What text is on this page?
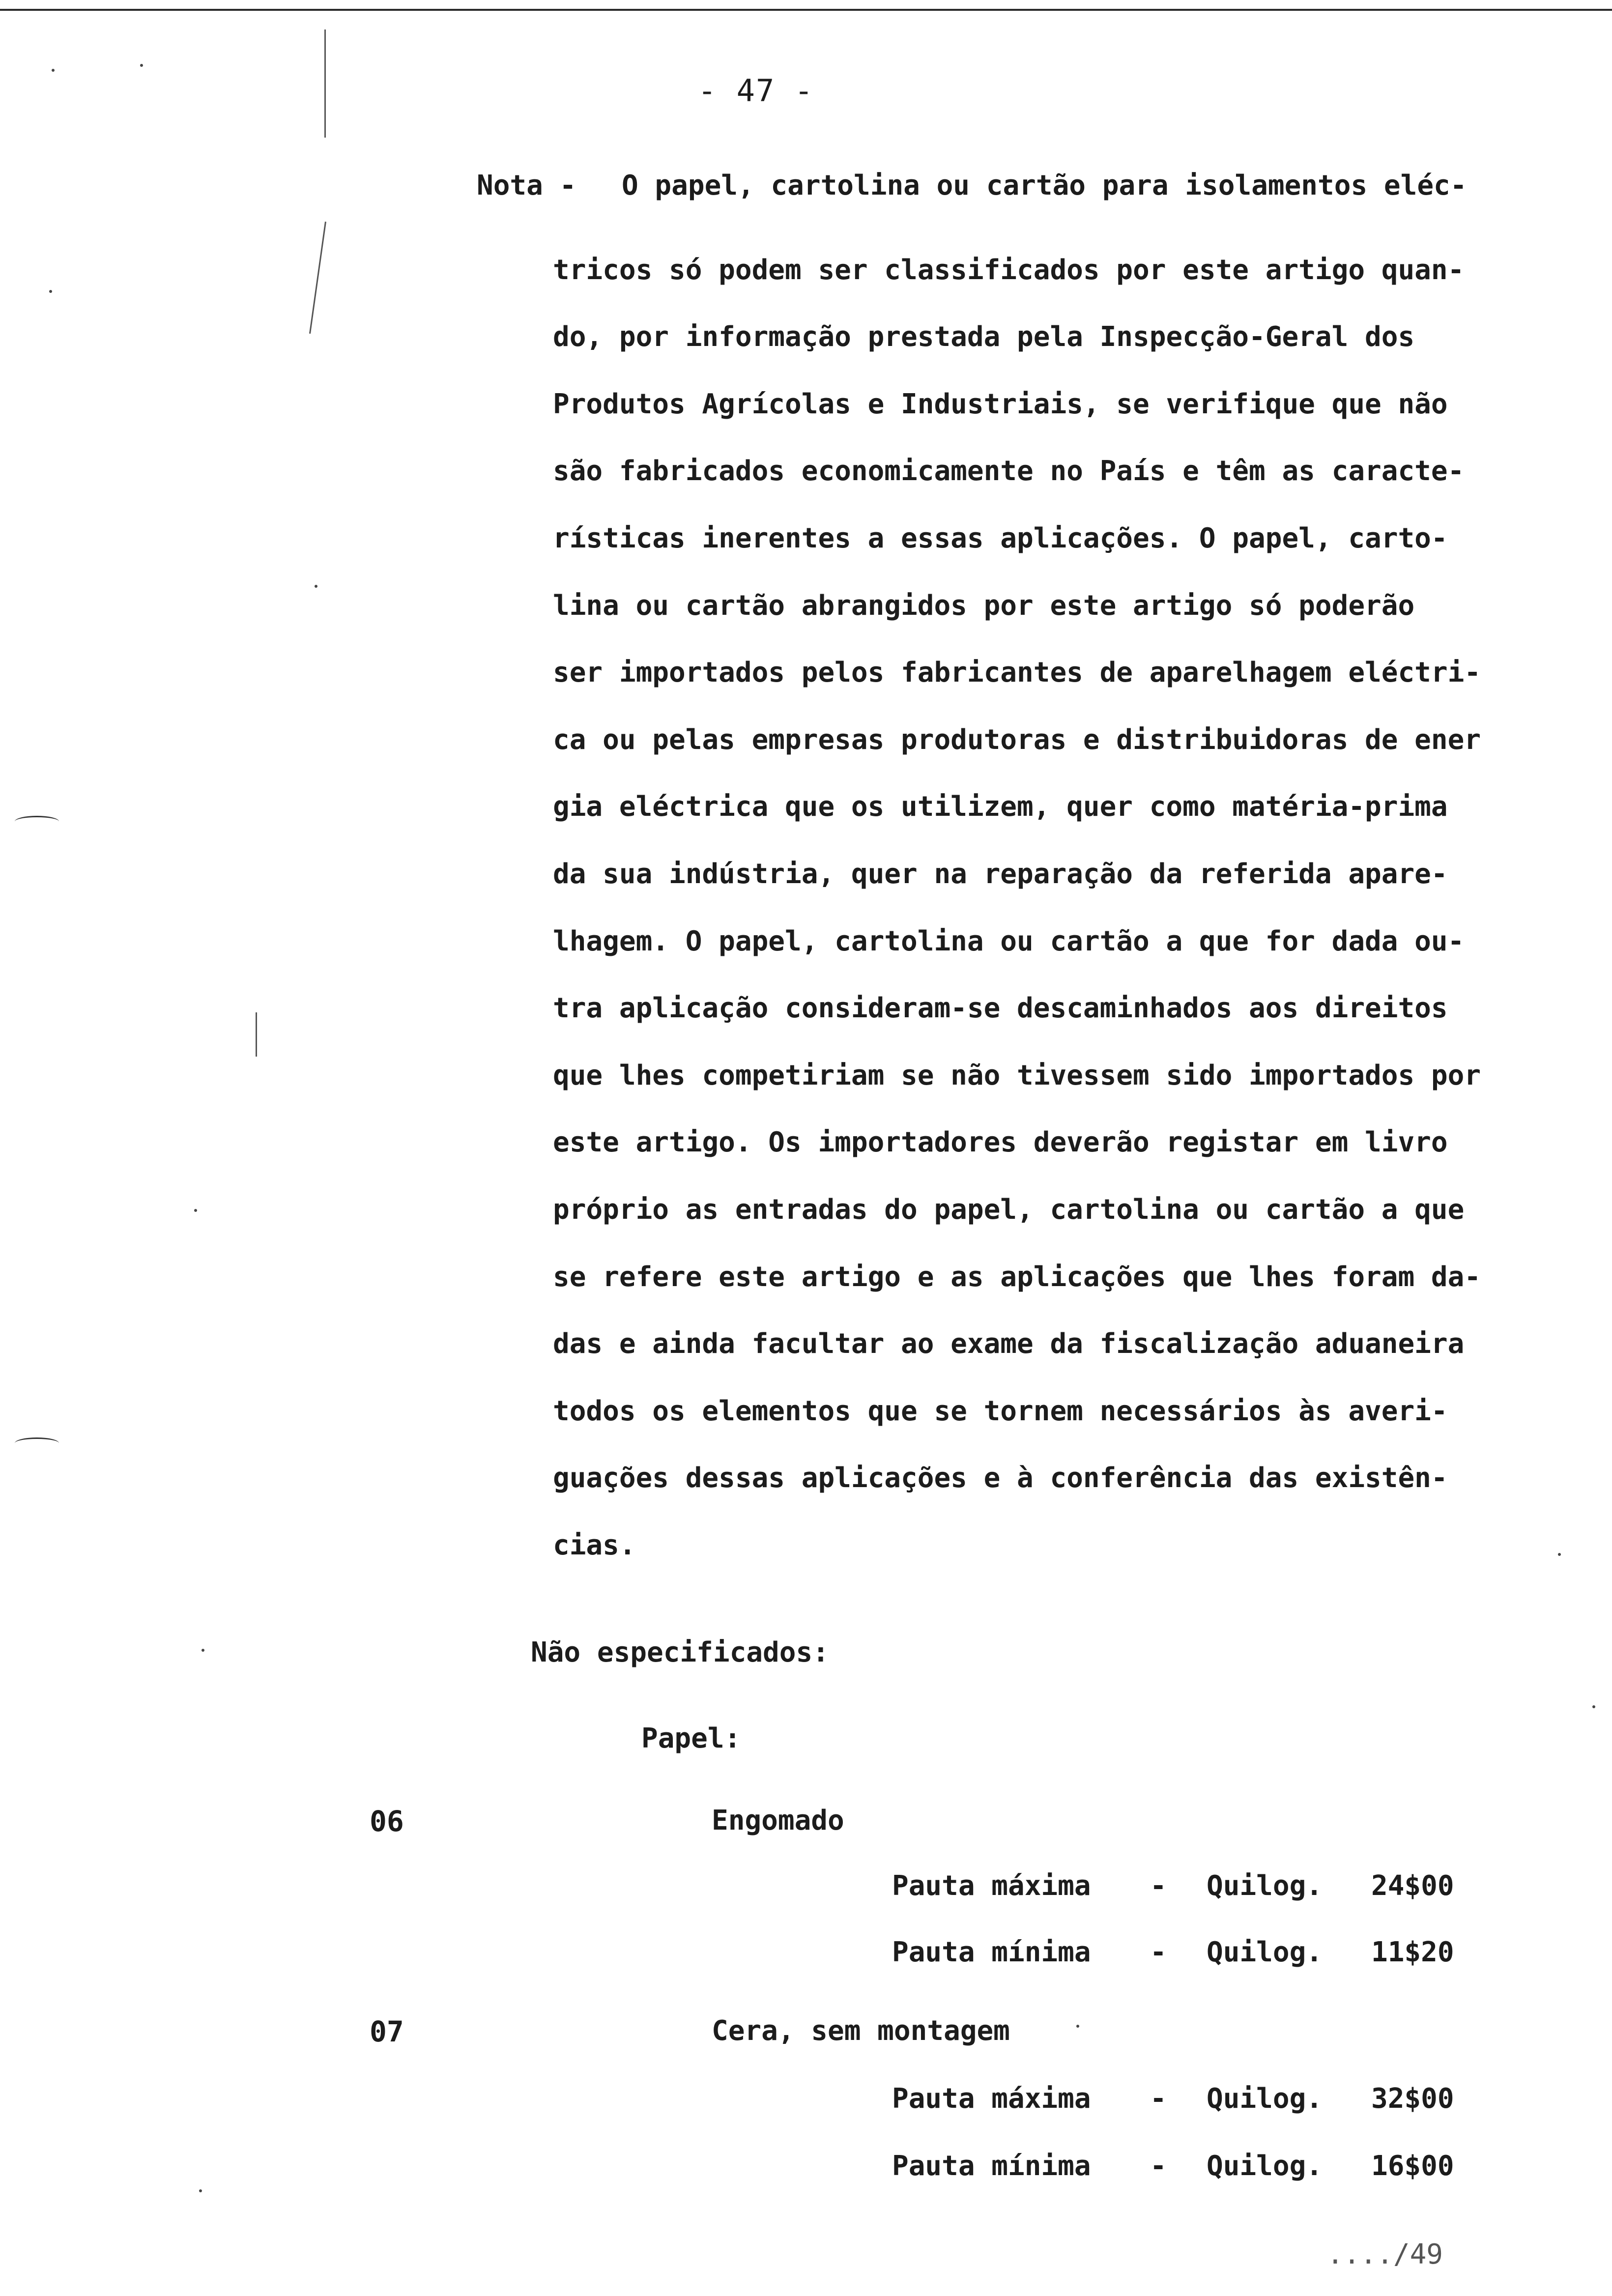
- 47 -
Nota - O papel, cartolina ou cartão para isolamentos eléc-
tricos só podem ser classificados por este artigo quan-
do, por informação prestada pela Inspecção-Geral dos
Produtos Agrícolas e Industriais, se verifique que não
são fabricados economicamente no País e têm as caracte-
rísticas inerentes a essas aplicações. O papel, carto-
lina ou cartão abrangidos por este artigo só poderão
ser importados pelos fabricantes de aparelhagem eléctri-
ca ou pelas empresas produtoras e distribuidoras de ener
gia eléctrica que os utilizem, quer como matéria-prima
da sua indústria, quer na reparação da referida apare-
lhagem. O papel, cartolina ou cartão a que for dada ou-
tra aplicação consideram-se descaminhados aos direitos
que lhes competiriam se não tivessem sido importados por
este artigo. Os importadores deverão registar em livro
próprio as entradas do papel, cartolina ou cartão a que
se refere este artigo e as aplicações que lhes foram da-
das e ainda facultar ao exame da fiscalização aduaneira
todos os elementos que se tornem necessários às averi-
guações dessas aplicações e à conferência das existên-
cias.
Não especificados:
Papel:
06	Engomado
Pauta máxima - Quilog. 24$00
Pauta mínima - Quilog. 11$20
07	Cera, sem montagem
Pauta máxima - Quilog. 32$00
Pauta mínima - Quilog. 16$00
..../49
